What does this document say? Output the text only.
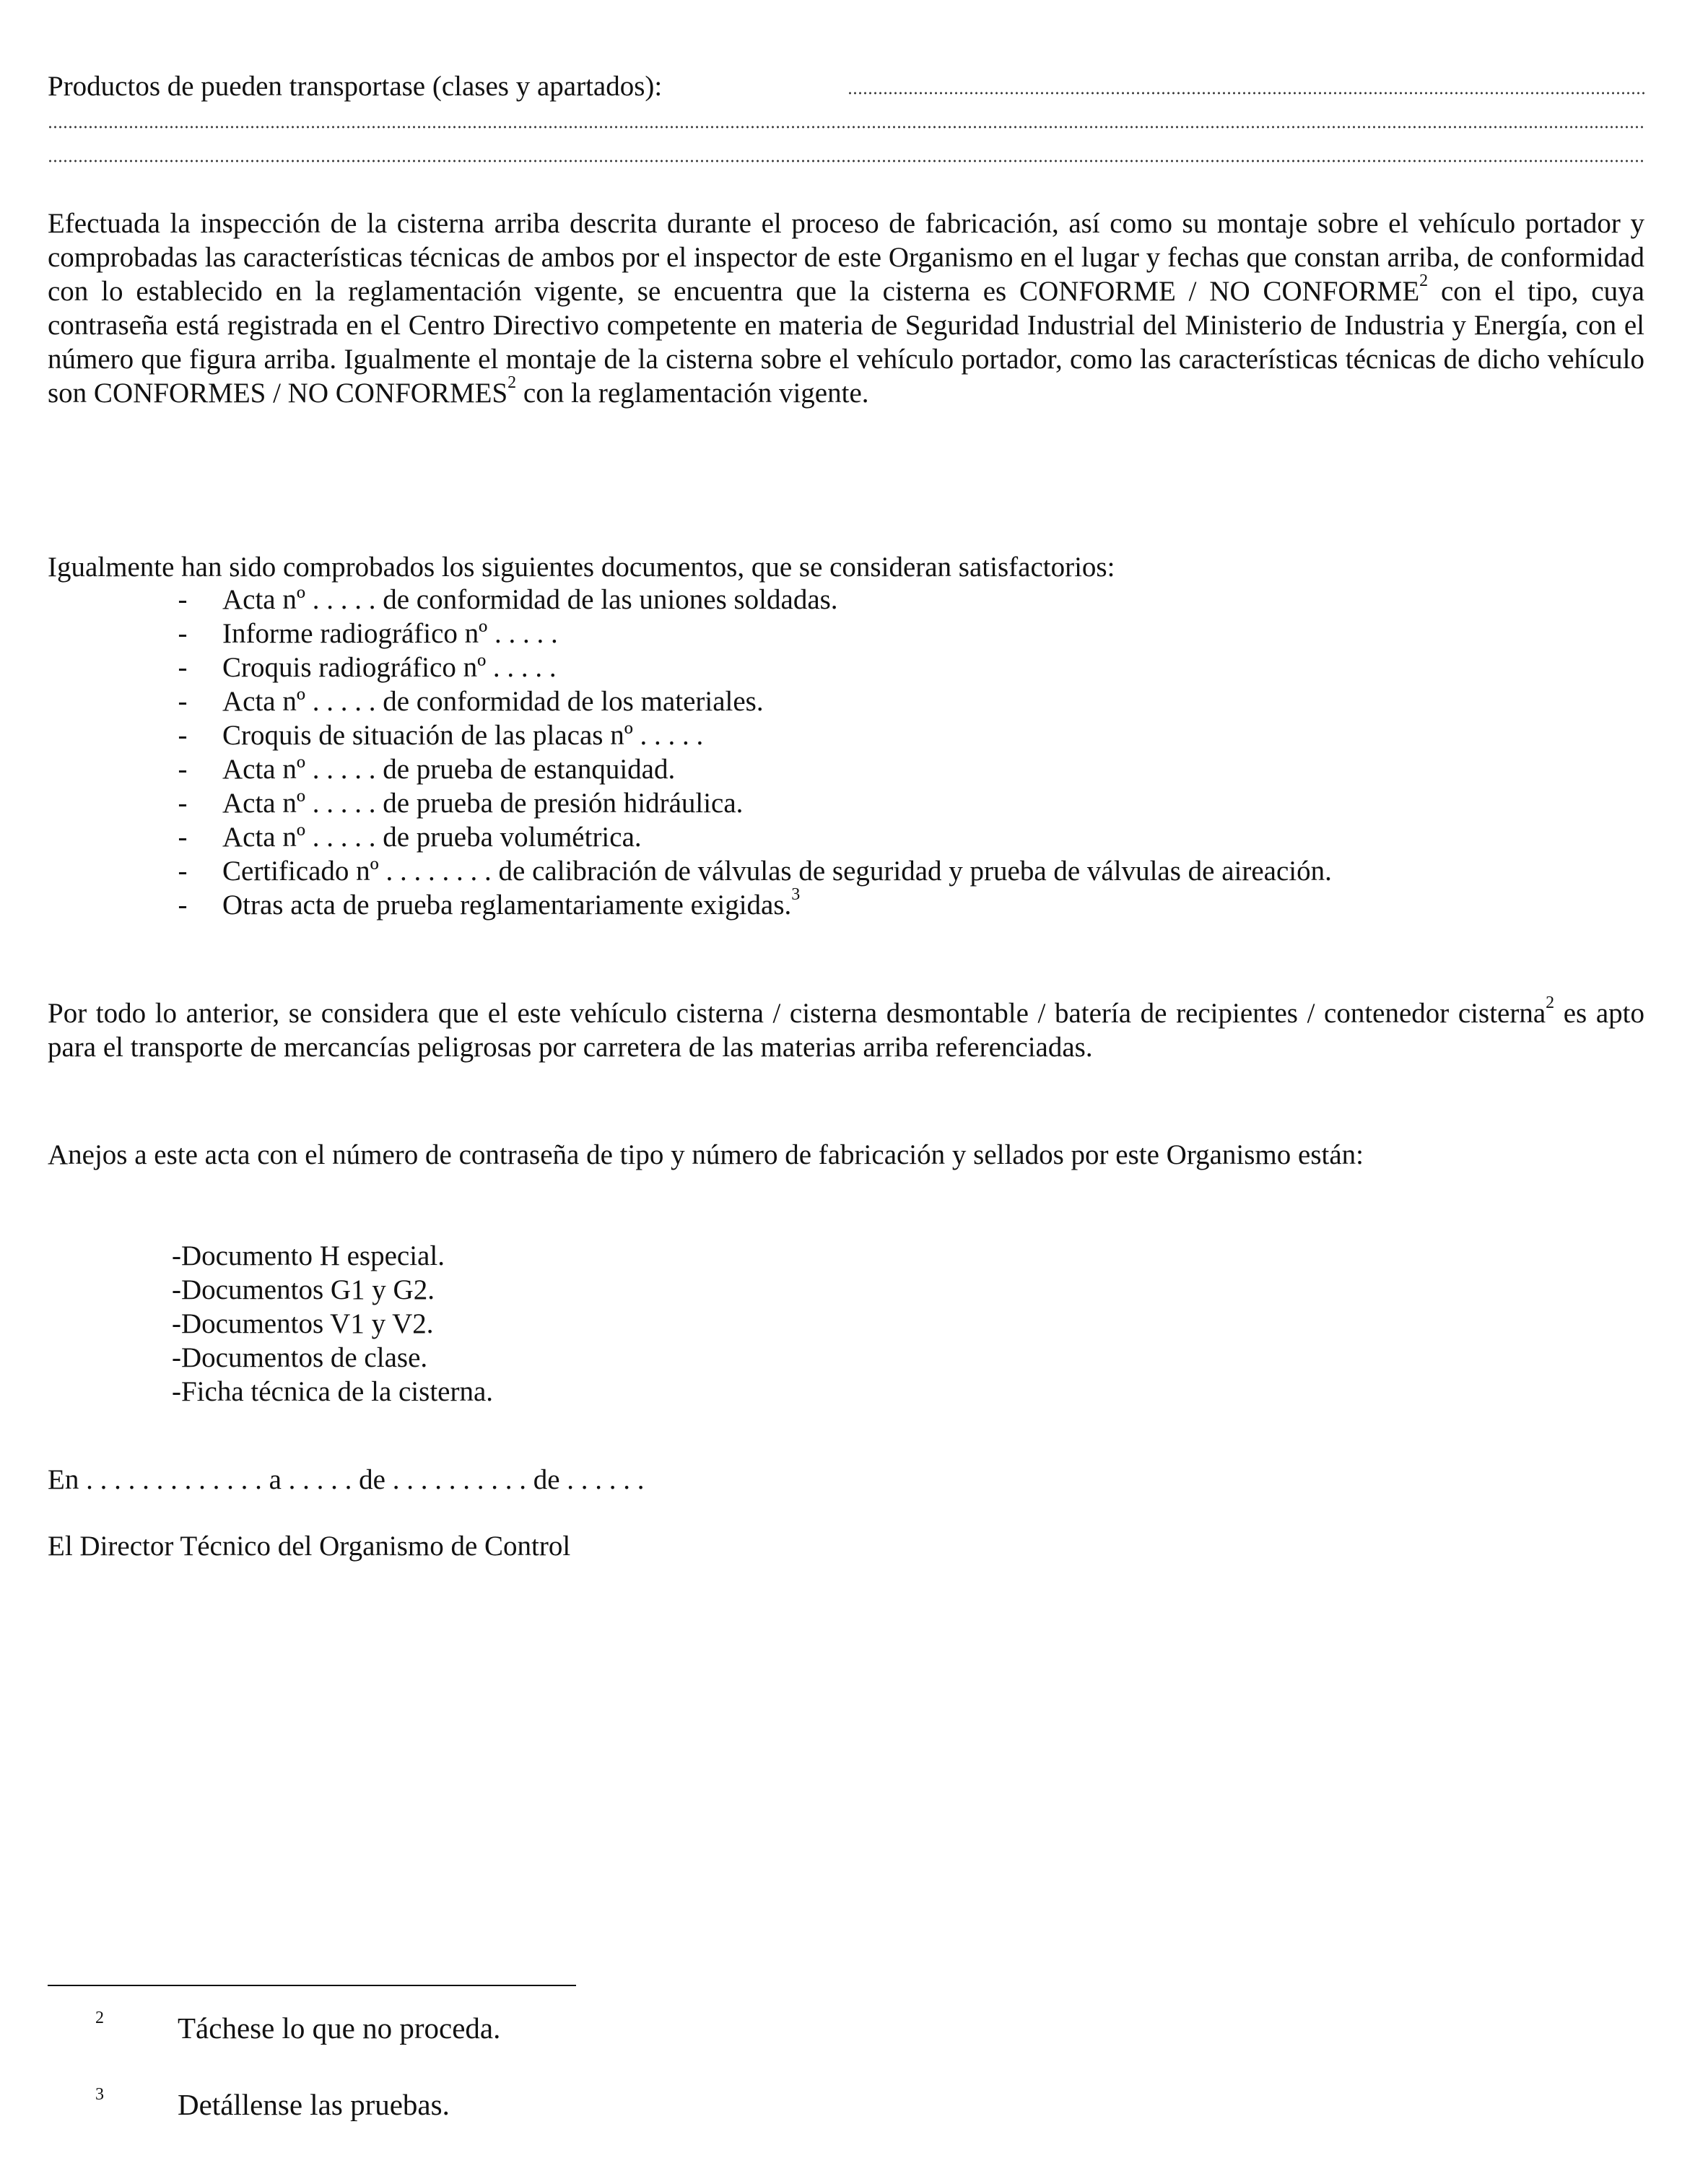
Productos de pueden transportase (clases y apartados):
Efectuada la inspección de la cisterna arriba descrita durante el proceso de fabricación, así como su montaje sobre el vehículo portador y comprobadas las características técnicas de ambos por el inspector de este Organismo en el lugar y fechas que constan arriba, de conformidad con lo establecido en la reglamentación vigente, se encuentra que la cisterna es CONFORME / NO CONFORME$^2$ con el tipo, cuya contraseña está registrada en el Centro Directivo competente en materia de Seguridad Industrial del Ministerio de Industria y Energía, con el número que figura arriba. Igualmente el montaje de la cisterna sobre el vehículo portador, como las características técnicas de dicho vehículo son CONFORMES / NO CONFORMES$^2$ con la reglamentación vigente.
Igualmente han sido comprobados los siguientes documentos, que se consideran satisfactorios:
- Acta nº . . . . . de conformidad de las uniones soldadas.
- Informe radiográfico nº . . . . .
- Croquis radiográfico nº . . . . .
- Acta nº . . . . . de conformidad de los materiales.
- Croquis de situación de las placas nº . . . . .
- Acta nº . . . . . de prueba de estanquidad.
- Acta nº . . . . . de prueba de presión hidráulica.
- Acta nº . . . . . de prueba volumétrica.
- Certificado nº . . . . . . . . de calibración de válvulas de seguridad y prueba de válvulas de aireación.
- Otras acta de prueba reglamentariamente exigidas.$^3$
Por todo lo anterior, se considera que el este vehículo cisterna / cisterna desmontable / batería de recipientes / contenedor cisterna$^2$ es apto para el transporte de mercancías peligrosas por carretera de las materias arriba referenciadas.
Anejos a este acta con el número de contraseña de tipo y número de fabricación y sellados por este Organismo están:
-Documento H especial.
-Documentos G1 y G2.
-Documentos V1 y V2.
-Documentos de clase.
-Ficha técnica de la cisterna.
En . . . . . . . . . . . . . a . . . . . de . . . . . . . . . . de . . . . . .
El Director Técnico del Organismo de Control
2 Táchese lo que no proceda.
3 Detállense las pruebas.
